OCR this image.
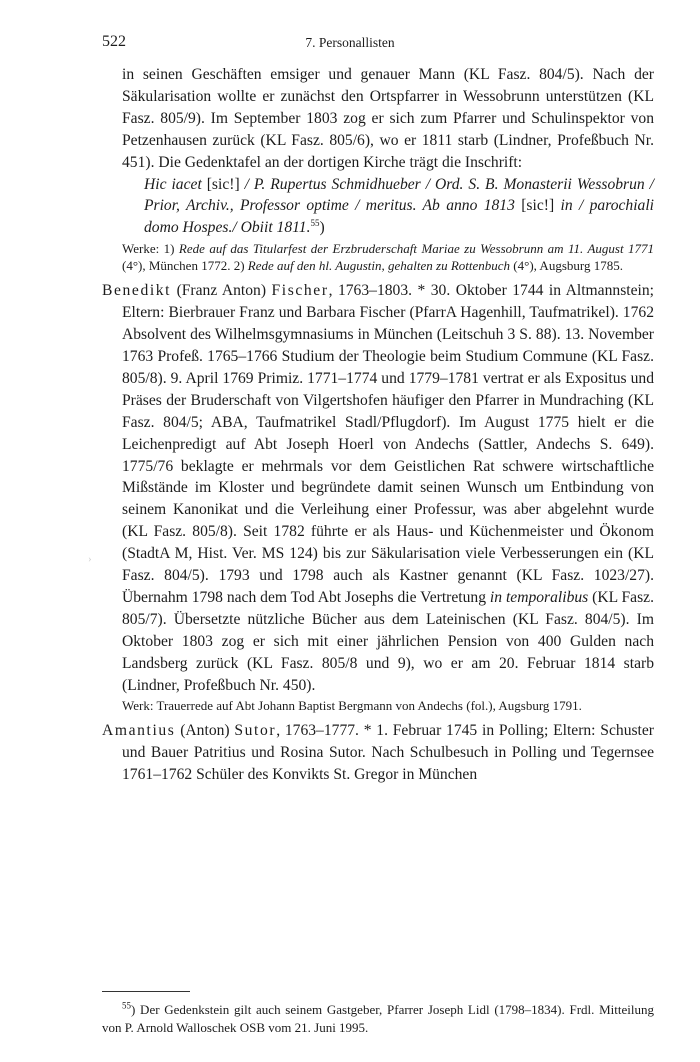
522	7. Personallisten

in seinen Geschäften emsiger und genauer Mann (KL Fasz. 804/5). Nach der Säkularisation wollte er zunächst den Ortspfarrer in Wessobrunn unterstützen (KL Fasz. 805/9). Im September 1803 zog er sich zum Pfarrer und Schulinspektor von Petzenhausen zurück (KL Fasz. 805/6), wo er 1811 starb (Lindner, Profeßbuch Nr. 451). Die Gedenktafel an der dortigen Kirche trägt die Inschrift:

Hic iacet [sic!] / P. Rupertus Schmidhueber / Ord. S. B. Monasterii Wessobrun / Prior, Archiv., Professor optime / meritus. Ab anno 1813 [sic!] in / parochiali domo Hospes./ Obiit 1811.55)

Werke: 1) Rede auf das Titularfest der Erzbruderschaft Mariae zu Wessobrunn am 11. August 1771 (4°), München 1772. 2) Rede auf den hl. Augustin, gehalten zu Rottenbuch (4°), Augsburg 1785.

Benedikt (Franz Anton) Fischer, 1763–1803. * 30. Oktober 1744 in Altmannstein; Eltern: Bierbrauer Franz und Barbara Fischer (PfarrA Hagenhill, Taufmatrikel). 1762 Absolvent des Wilhelmsgymnasiums in München (Leitschuh 3 S. 88). 13. November 1763 Profeß. 1765–1766 Studium der Theologie beim Studium Commune (KL Fasz. 805/8). 9. April 1769 Primiz. 1771–1774 und 1779–1781 vertrat er als Expositus und Präses der Bruderschaft von Vilgertshofen häufiger den Pfarrer in Mundraching (KL Fasz. 804/5; ABA, Taufmatrikel Stadl/Pflugdorf). Im August 1775 hielt er die Leichenpredigt auf Abt Joseph Hoerl von Andechs (Sattler, Andechs S. 649). 1775/76 beklagte er mehrmals vor dem Geistlichen Rat schwere wirtschaftliche Mißstände im Kloster und begründete damit seinen Wunsch um Entbindung von seinem Kanonikat und die Verleihung einer Professur, was aber abgelehnt wurde (KL Fasz. 805/8). Seit 1782 führte er als Haus- und Küchenmeister und Ökonom (StadtA M, Hist. Ver. MS 124) bis zur Säkularisation viele Verbesserungen ein (KL Fasz. 804/5). 1793 und 1798 auch als Kastner genannt (KL Fasz. 1023/27). Übernahm 1798 nach dem Tod Abt Josephs die Vertretung in temporalibus (KL Fasz. 805/7). Übersetzte nützliche Bücher aus dem Lateinischen (KL Fasz. 804/5). Im Oktober 1803 zog er sich mit einer jährlichen Pension von 400 Gulden nach Landsberg zurück (KL Fasz. 805/8 und 9), wo er am 20. Februar 1814 starb (Lindner, Profeßbuch Nr. 450).

Werk: Trauerrede auf Abt Johann Baptist Bergmann von Andechs (fol.), Augsburg 1791.

Amantius (Anton) Sutor, 1763–1777. * 1. Februar 1745 in Polling; Eltern: Schuster und Bauer Patritius und Rosina Sutor. Nach Schulbesuch in Polling und Tegernsee 1761–1762 Schüler des Konvikts St. Gregor in München

›
$^{55}$) Der Gedenkstein gilt auch seinem Gastgeber, Pfarrer Joseph Lidl (1798–1834). Frdl. Mitteilung von P. Arnold Walloschek OSB vom 21. Juni 1995.
